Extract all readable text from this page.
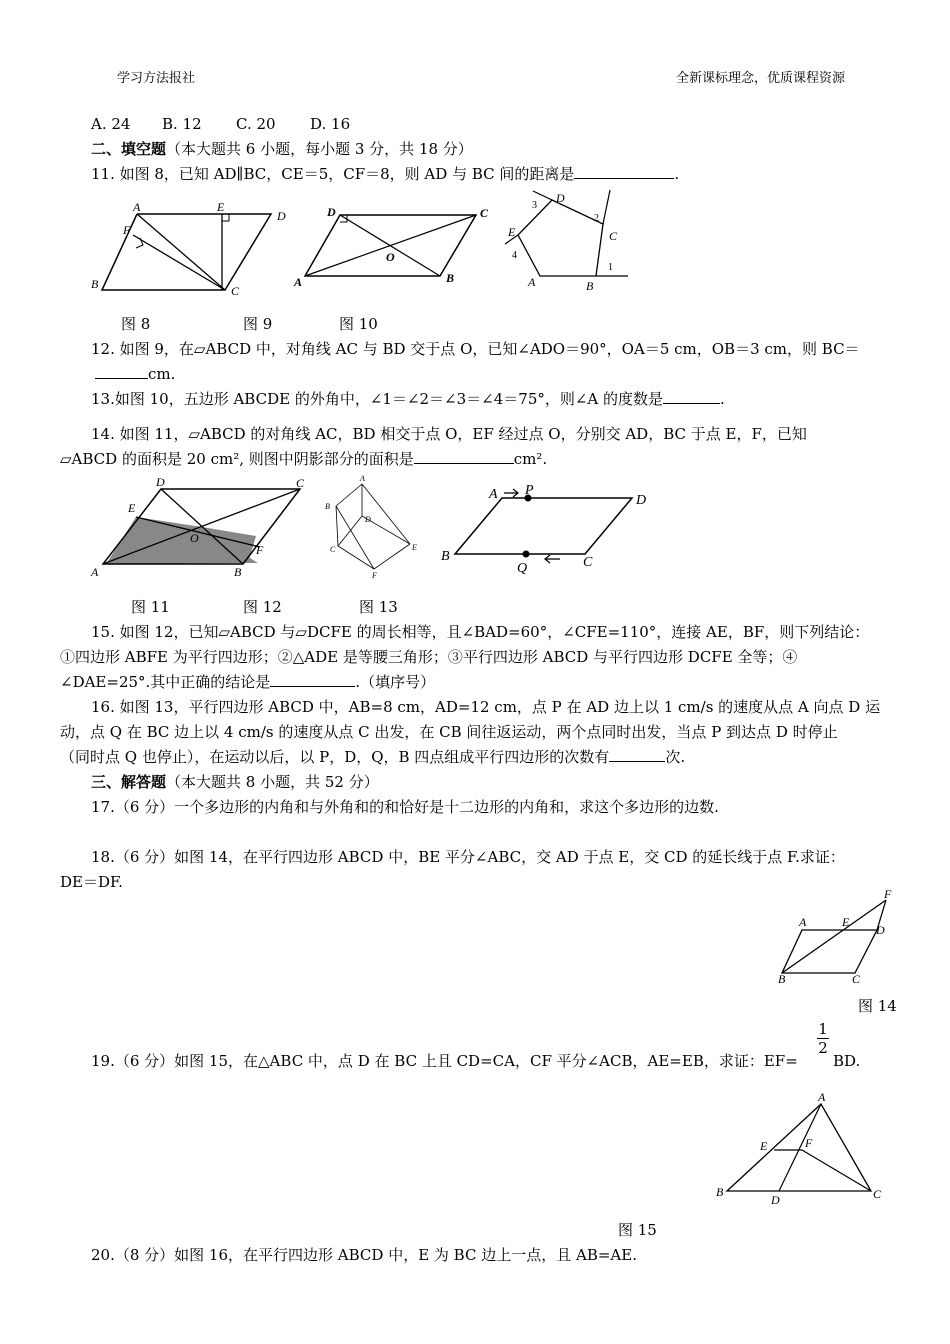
学习方法报社	全新课标理念，优质课程资源
A. 24 B. 12 C. 20 D. 16
二、填空题（本大题共 6 小题，每小题 3 分，共 18 分）
11. 如图 8，已知 AD∥BC，CE＝5，CF＝8，则 AD 与 BC 间的距离是	.
A	E
D
F
B	C
D	C
O
A	B
D
3
2
C
E
4
A	B
1
图 8	图 9	图 10
12. 如图 9，在▱ABCD 中，对角线 AC 与 BD 交于点 O，已知∠ADO＝90°，OA＝5 cm，OB＝3 cm，则 BC＝
cm.
13.如图 10，五边形 ABCDE 的外角中，∠1＝∠2＝∠3＝∠4＝75°，则∠A 的度数是	.
14. 如图 11，▱ABCD 的对角线 AC，BD 相交于点 O，EF 经过点 O，分别交 AD，BC 于点 E，F，已知
▱ABCD 的面积是 20 cm², 则图中阴影部分的面积是	cm².
D	C
E
O
F
A	B
A
B
D
C	E
F
A P
D
B
Q	C
图 11	图 12	图 13
15. 如图 12，已知▱ABCD 与▱DCFE 的周长相等，且∠BAD=60°，∠CFE=110°，连接 AE，BF，则下列结论：
①四边形 ABFE 为平行四边形；②△ADE 是等腰三角形；③平行四边形 ABCD 与平行四边形 DCFE 全等；④
∠DAE=25°.其中正确的结论是	.（填序号）
16. 如图 13，平行四边形 ABCD 中，AB=8 cm，AD=12 cm，点 P 在 AD 边上以 1 cm/s 的速度从点 A 向点 D 运
动，点 Q 在 BC 边上以 4 cm/s 的速度从点 C 出发，在 CB 间往返运动，两个点同时出发，当点 P 到达点 D 时停止
（同时点 Q 也停止），在运动以后，以 P，D，Q，B 四点组成平行四边形的次数有	次.
三、解答题（本大题共 8 小题，共 52 分）
17.（6 分）一个多边形的内角和与外角和的和恰好是十二边形的内角和，求这个多边形的边数.
18.（6 分）如图 14，在平行四边形 ABCD 中，BE 平分∠ABC，交 AD 于点 E，交 CD 的延长线于点 F.求证：
DE＝DF.
F
A	E
D
B	C
图 14
19.（6 分）如图 15，在△ABC 中，点 D 在 BC 上且 CD=CA，CF 平分∠ACB，AE=EB，求证：EF=
1
2
BD.
A
E	F
B
D	C
图 15
20.（8 分）如图 16，在平行四边形 ABCD 中，E 为 BC 边上一点，且 AB=AE.
